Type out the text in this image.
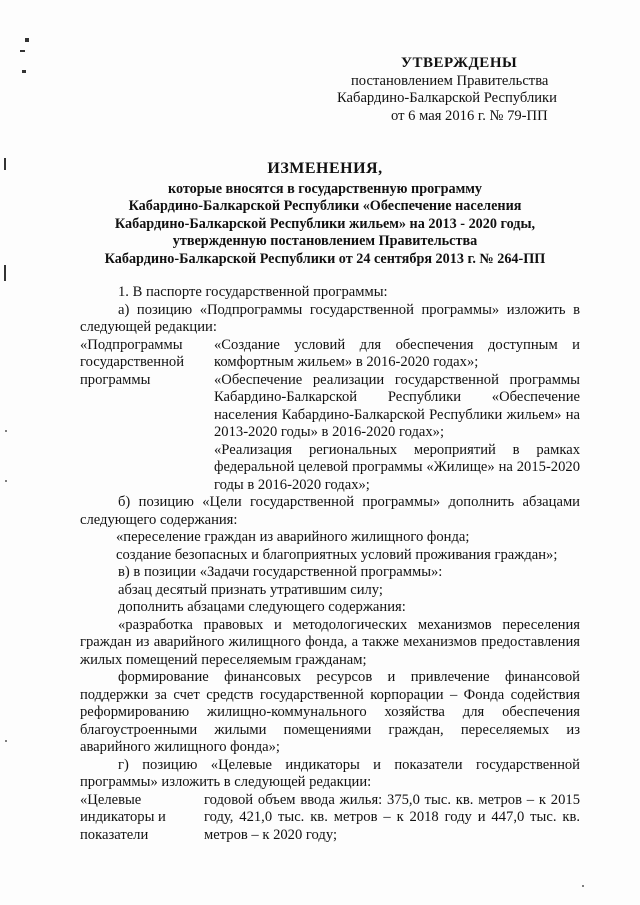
УТВЕРЖДЕНЫ
постановлением Правительства
Кабардино-Балкарской Республики
от 6 мая 2016 г. № 79-ПП
ИЗМЕНЕНИЯ,
которые вносятся в государственную программу
Кабардино-Балкарской Республики «Обеспечение населения
Кабардино-Балкарской Республики жильем» на 2013 - 2020 годы,
утвержденную постановлением Правительства
Кабардино-Балкарской Республики от 24 сентября 2013 г. № 264-ПП

1. В паспорте государственной программы:

а) позицию «Подпрограммы государственной программы» изложить в следующей редакции:

«Подпрограммы государственной программы

«Создание условий для обеспечения доступным и комфортным жильем» в 2016-2020 годах»;

«Обеспечение реализации государственной программы Кабардино-Балкарской Республики «Обеспечение населения Кабардино-Балкарской Республики жильем» на 2013-2020 годы» в 2016-2020 годах»;

«Реализация региональных мероприятий в рамках федеральной целевой программы «Жилище» на 2015-2020 годы в 2016-2020 годах»;

б) позицию «Цели государственной программы» дополнить абзацами следующего содержания:

«переселение граждан из аварийного жилищного фонда;

создание безопасных и благоприятных условий проживания граждан»;

в) в позиции «Задачи государственной программы»:

абзац десятый признать утратившим силу;

дополнить абзацами следующего содержания:

«разработка правовых и методологических механизмов переселения граждан из аварийного жилищного фонда, а также механизмов предоставления жилых помещений переселяемым гражданам;

формирование финансовых ресурсов и привлечение финансовой поддержки за счет средств государственной корпорации – Фонда содействия реформированию жилищно-коммунального хозяйства для обеспечения благоустроенными жилыми помещениями граждан, переселяемых из аварийного жилищного фонда»;

г) позицию «Целевые индикаторы и показатели государственной программы» изложить в следующей редакции:

«Целевые индикаторы и показатели

годовой объем ввода жилья: 375,0 тыс. кв. метров – к 2015 году, 421,0 тыс. кв. метров – к 2018 году и 447,0 тыс. кв. метров – к 2020 году;
